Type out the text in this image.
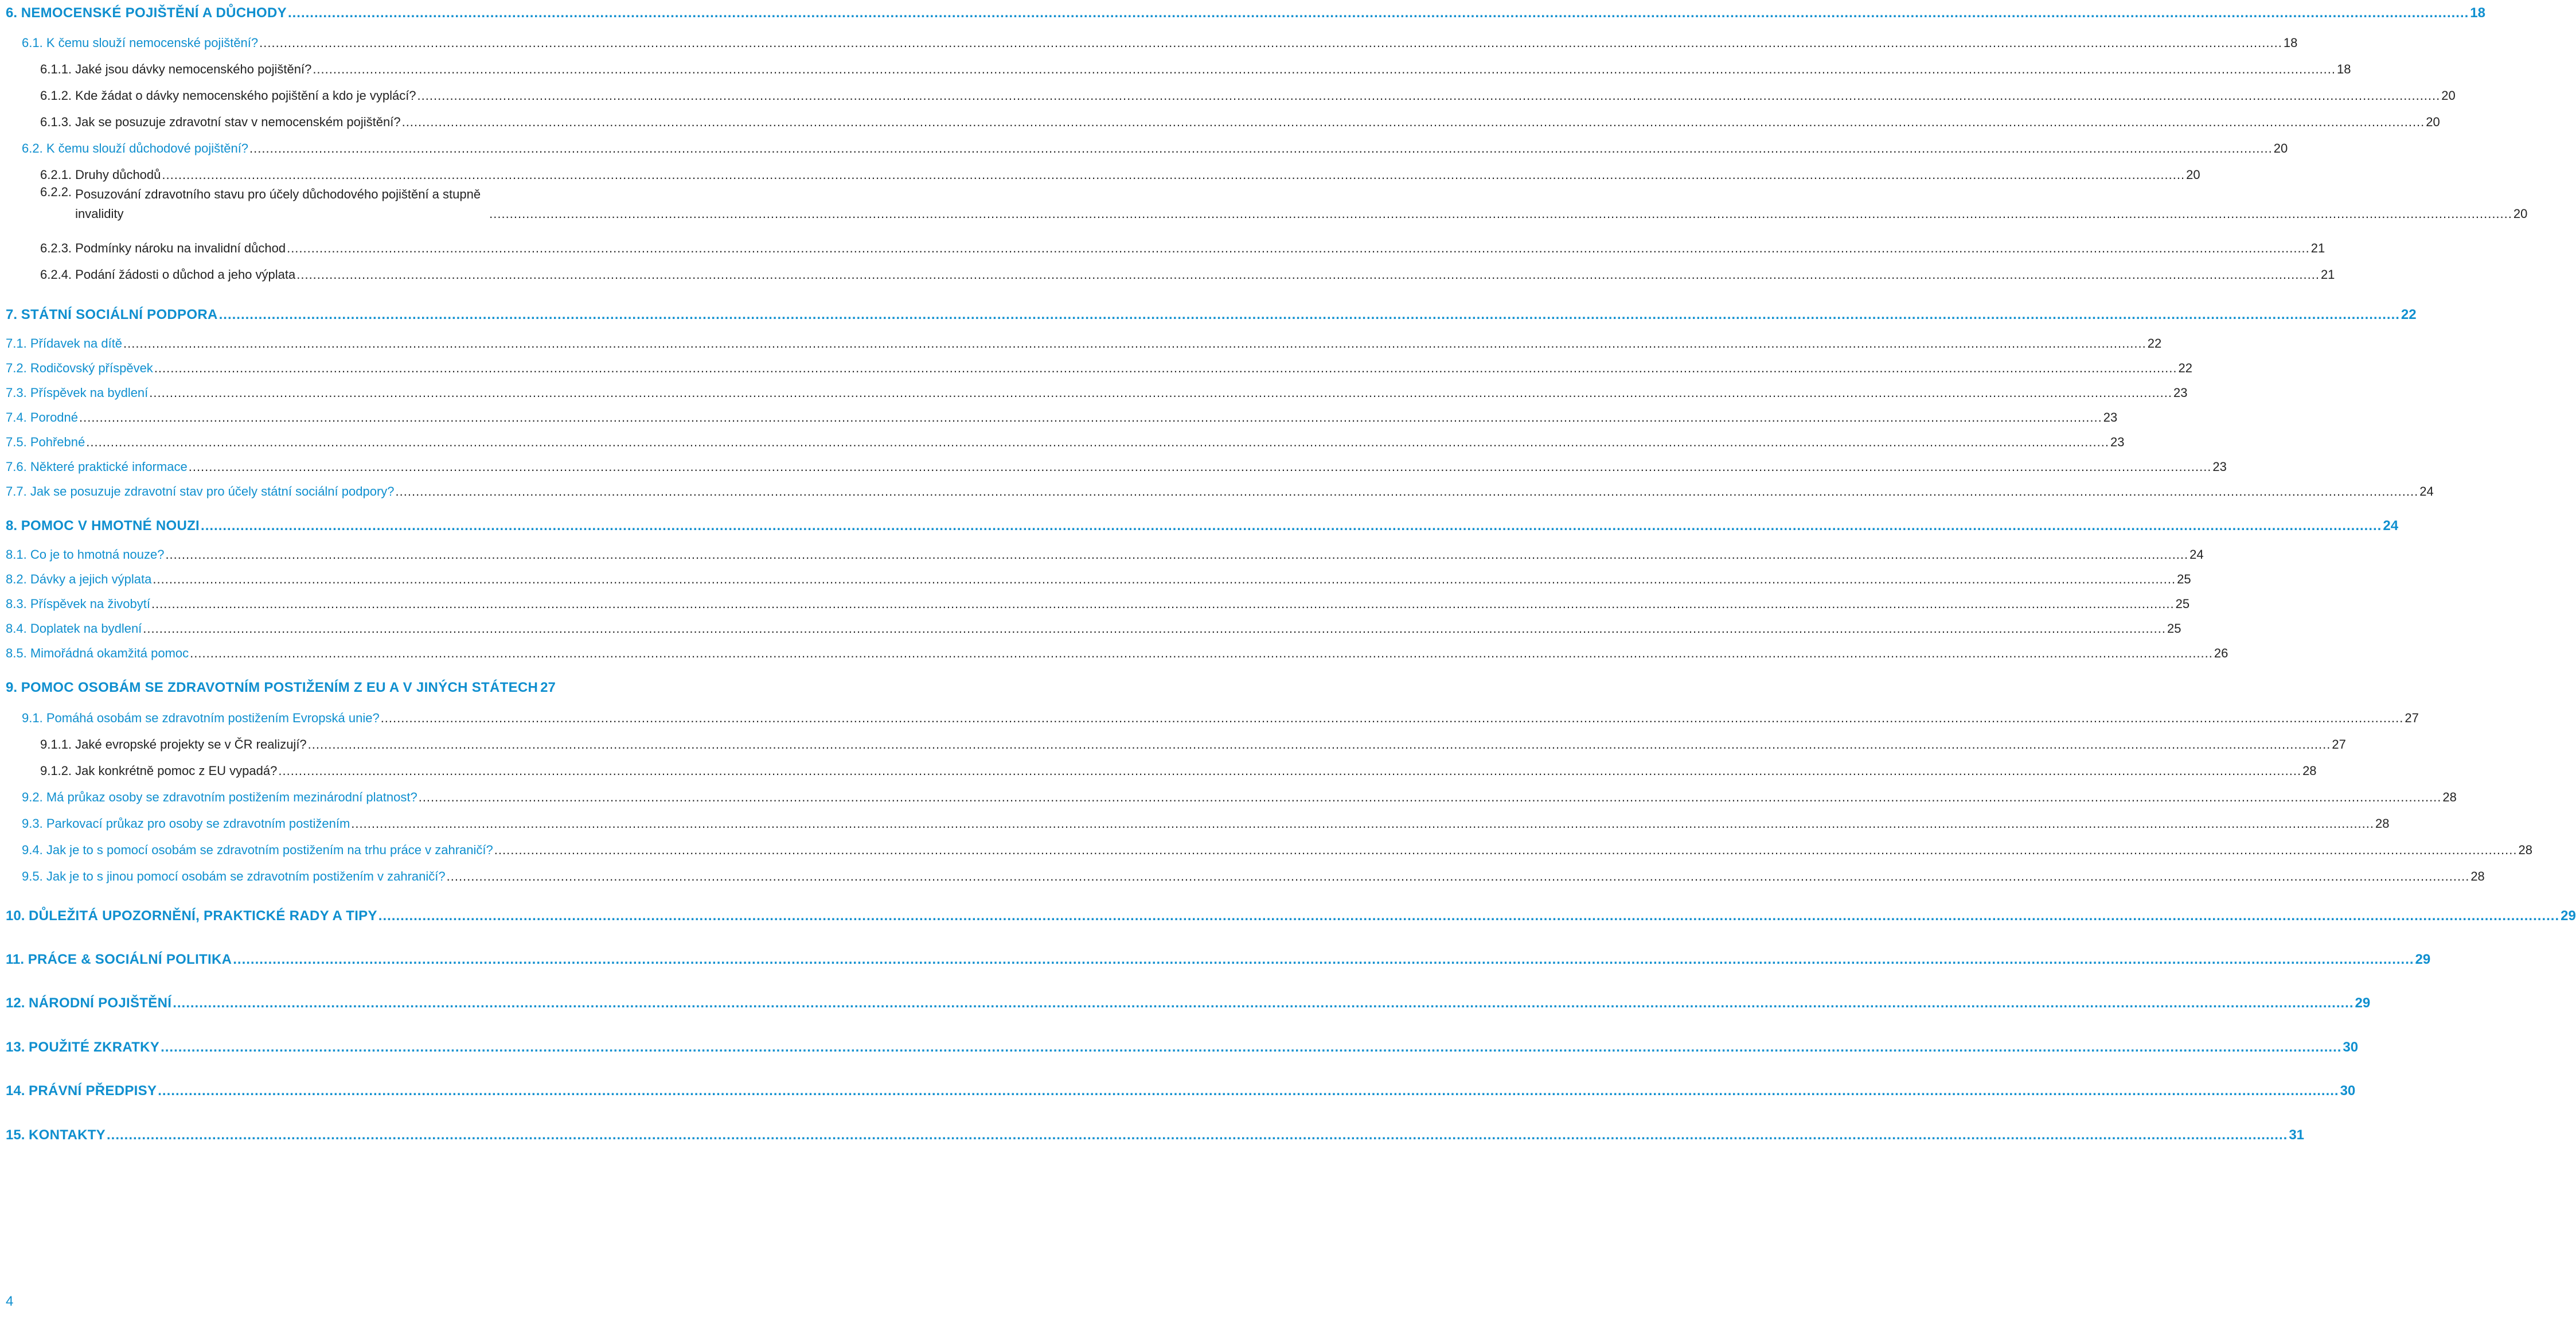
6.
NEMOCENSKÉ POJIŠTĚNÍ A DŮCHODY .....	18
6.1.
K čemu slouží nemocenské pojištění? .....	18
6.1.1.
Jaké jsou dávky nemocenského pojištění? .....	18
6.1.2.
Kde žádat o dávky nemocenského pojištění a kdo je vyplácí? .....	20
6.1.3.
Jak se posuzuje zdravotní stav v nemocenském pojištění? .....	20
6.2.
K čemu slouží důchodové pojištění? .....	20
6.2.1.
Druhy důchodů .....	20
6.2.2.
Posuzování zdravotního stavu pro účely důchodového pojištění a stupně invalidity .....	20
6.2.3.
Podmínky nároku na invalidní důchod .....	21
6.2.4.
Podání žádosti o důchod a jeho výplata .....	21
7.
STÁTNÍ SOCIÁLNÍ PODPORA .....	22
7.1.
Přídavek na dítě .....	22
7.2.
Rodičovský příspěvek .....	22
7.3.
Příspěvek na bydlení .....	23
7.4.
Porodné .....	23
7.5.
Pohřebné .....	23
7.6.
Některé praktické informace .....	23
7.7.
Jak se posuzuje zdravotní stav pro účely státní sociální podpory? .....	24
8.
POMOC V HMOTNÉ NOUZI .....	24
8.1.
Co je to hmotná nouze? .....	24
8.2.
Dávky a jejich výplata .....	25
8.3.
Příspěvek na živobytí .....	25
8.4.
Doplatek na bydlení .....	25
8.5.
Mimořádná okamžitá pomoc .....	26
9.
POMOC OSOBÁM SE ZDRAVOTNÍM POSTIŽENÍM Z EU A V JINÝCH STÁTECH 27
9.1.
Pomáhá osobám se zdravotním postižením Evropská unie? .....	27
9.1.1.
Jaké evropské projekty se v ČR realizují? .....	27
9.1.2.
Jak konkrétně pomoc z EU vypadá? .....	28
9.2.
Má průkaz osoby se zdravotním postižením mezinárodní platnost? .....	28
9.3.
Parkovací průkaz pro osoby se zdravotním postižením .....	28
9.4.
Jak je to s pomocí osobám se zdravotním postižením na trhu práce v zahraničí? .....	28
9.5.
Jak je to s jinou pomocí osobám se zdravotním postižením v zahraničí? .....	28
10.
DŮLEŽITÁ UPOZORNĚNÍ, PRAKTICKÉ RADY A TIPY .....	29
11.
PRÁCE & SOCIÁLNÍ POLITIKA .....	29
12.
NÁRODNÍ POJIŠTĚNÍ .....	29
13.
POUŽITÉ ZKRATKY .....	30
14.
PRÁVNÍ PŘEDPISY .....	30
15.
KONTAKTY .....	31
4
